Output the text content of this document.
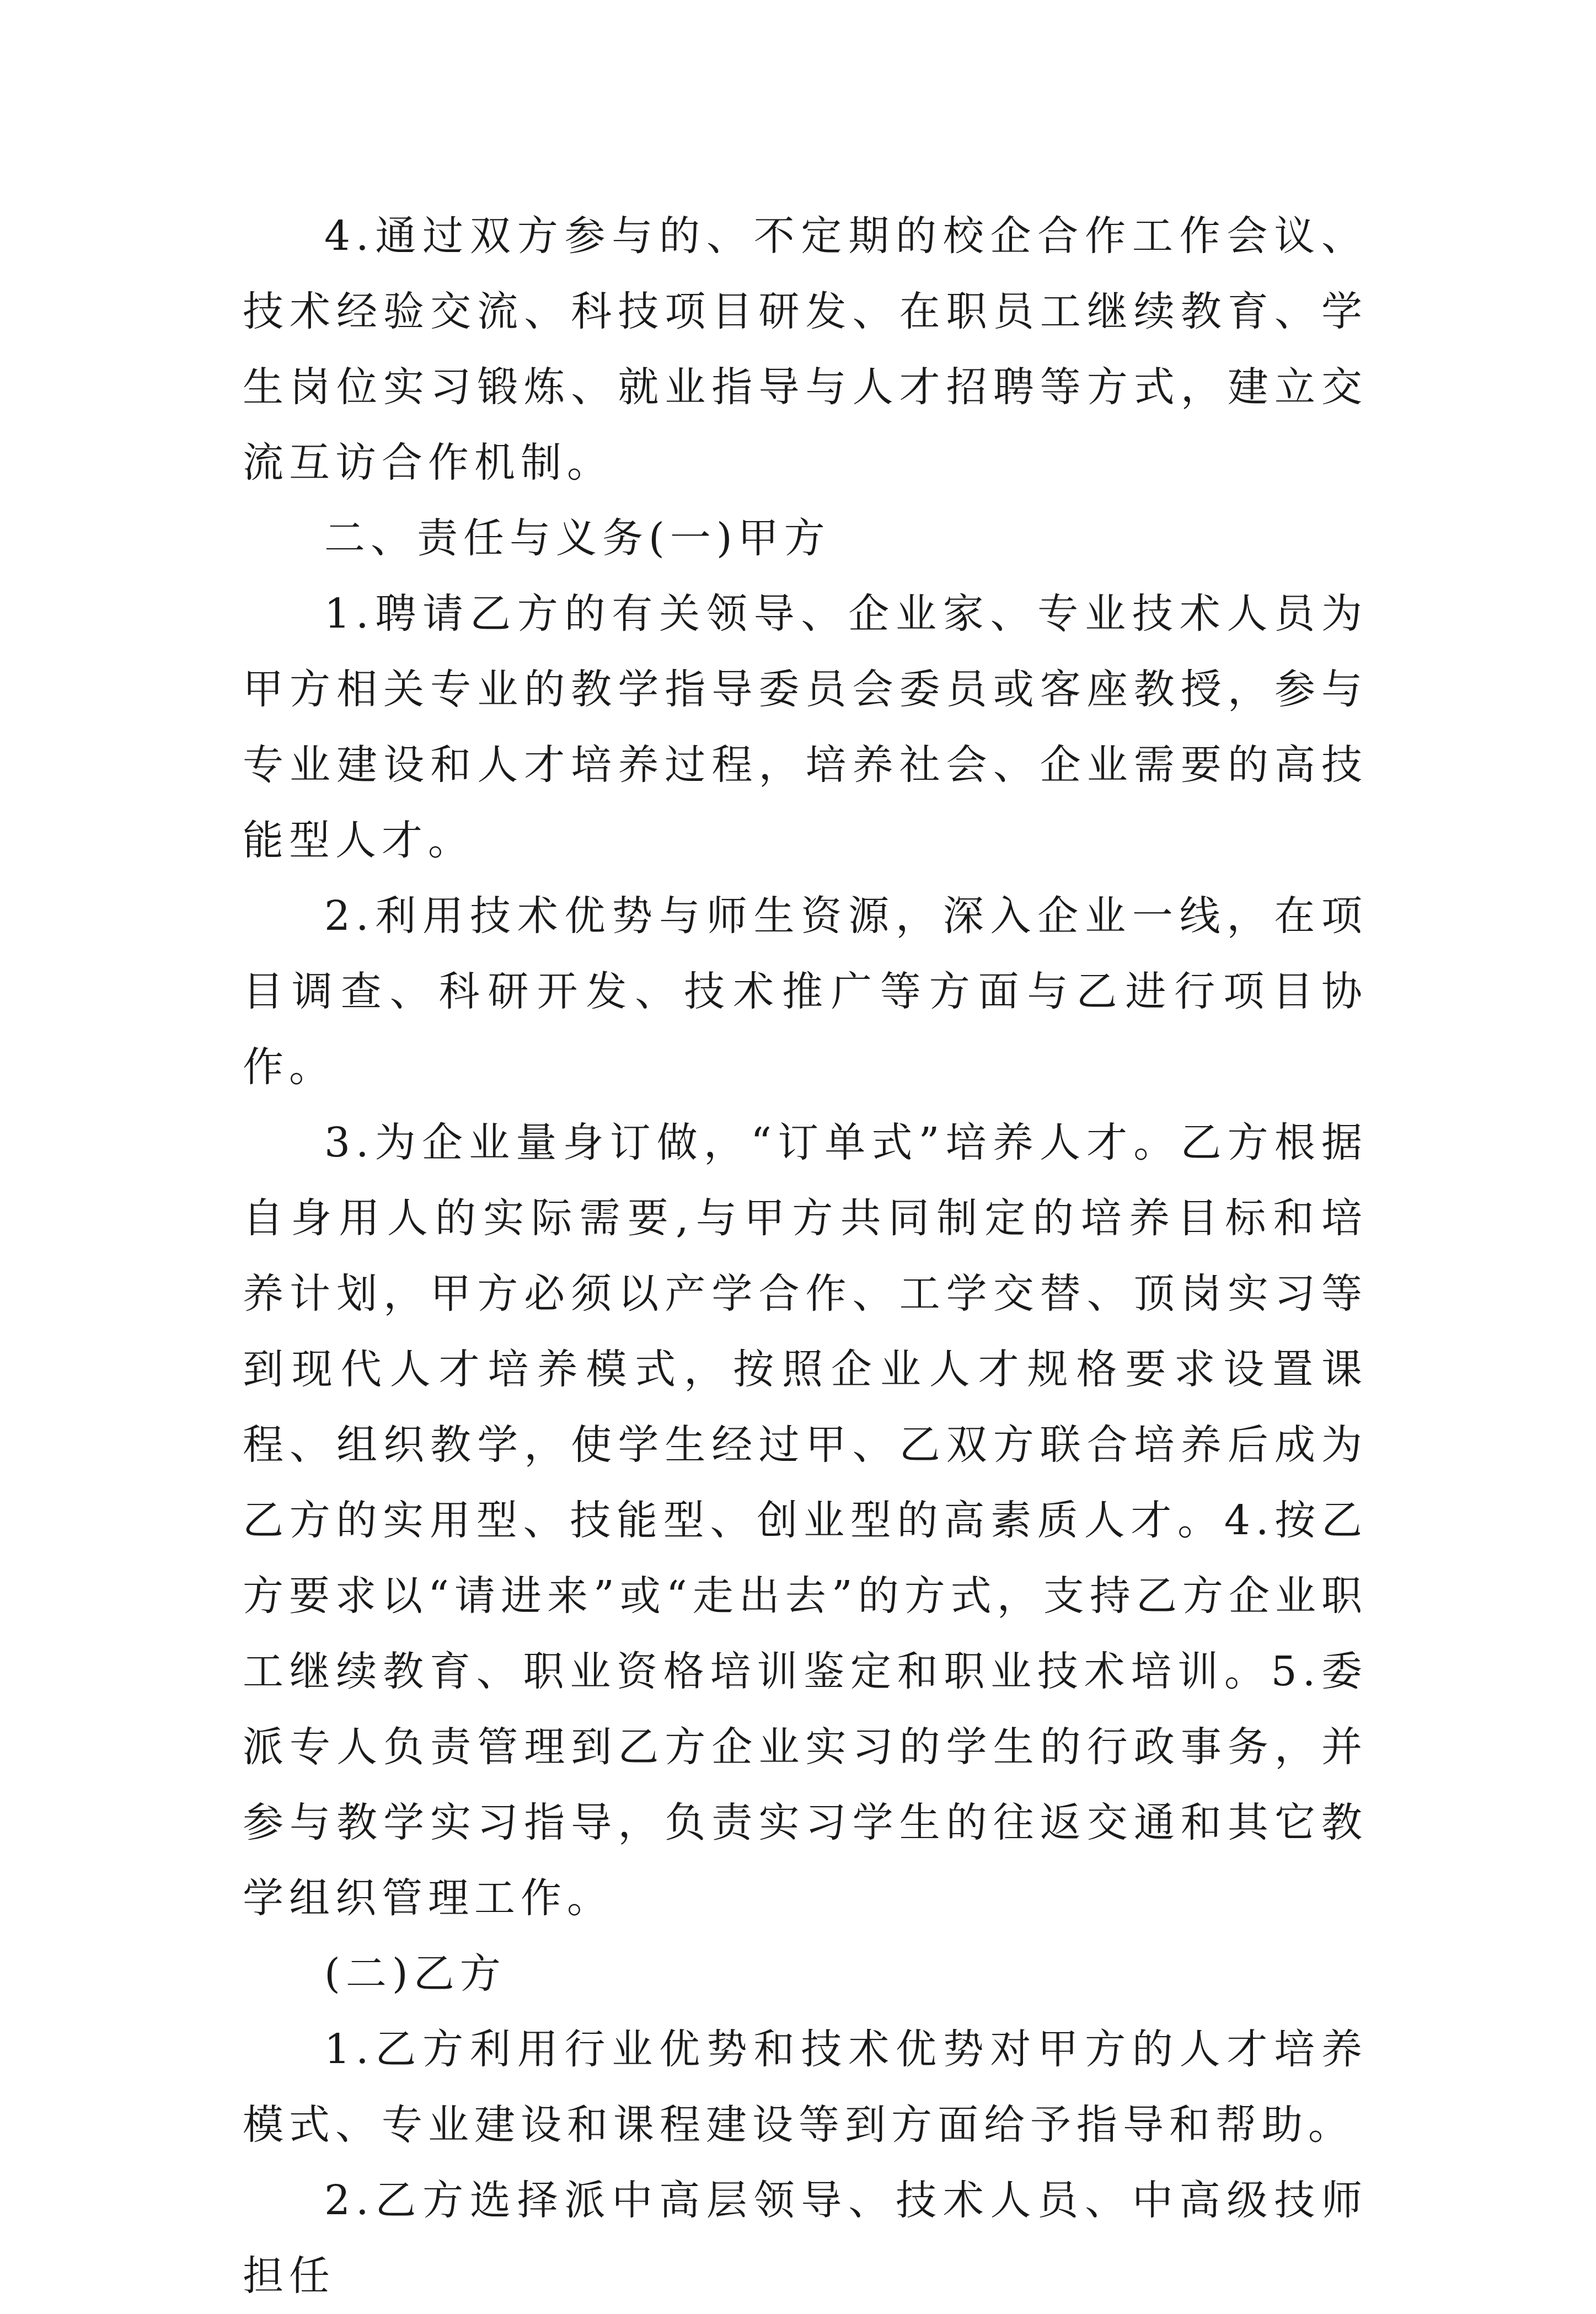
4.通过双方参与的、不定期的校企合作工作会议、技术经验交流、科技项目研发、在职员工继续教育、学生岗位实习锻炼、就业指导与人才招聘等方式，建立交流互访合作机制。

二、责任与义务(一)甲方

1.聘请乙方的有关领导、企业家、专业技术人员为甲方相关专业的教学指导委员会委员或客座教授，参与专业建设和人才培养过程，培养社会、企业需要的高技能型人才。

2.利用技术优势与师生资源，深入企业一线，在项目调查、科研开发、技术推广等方面与乙进行项目协作。

3.为企业量身订做，“订单式”培养人才。乙方根据自身用人的实际需要,与甲方共同制定的培养目标和培养计划，甲方必须以产学合作、工学交替、顶岗实习等到现代人才培养模式，按照企业人才规格要求设置课程、组织教学，使学生经过甲、乙双方联合培养后成为乙方的实用型、技能型、创业型的高素质人才。4.按乙方要求以“请进来”或“走出去”的方式，支持乙方企业职工继续教育、职业资格培训鉴定和职业技术培训。5.委派专人负责管理到乙方企业实习的学生的行政事务，并参与教学实习指导，负责实习学生的往返交通和其它教学组织管理工作。

(二)乙方

1.乙方利用行业优势和技术优势对甲方的人才培养模式、专业建设和课程建设等到方面给予指导和帮助。

2.乙方选择派中高层领导、技术人员、中高级技师担任
